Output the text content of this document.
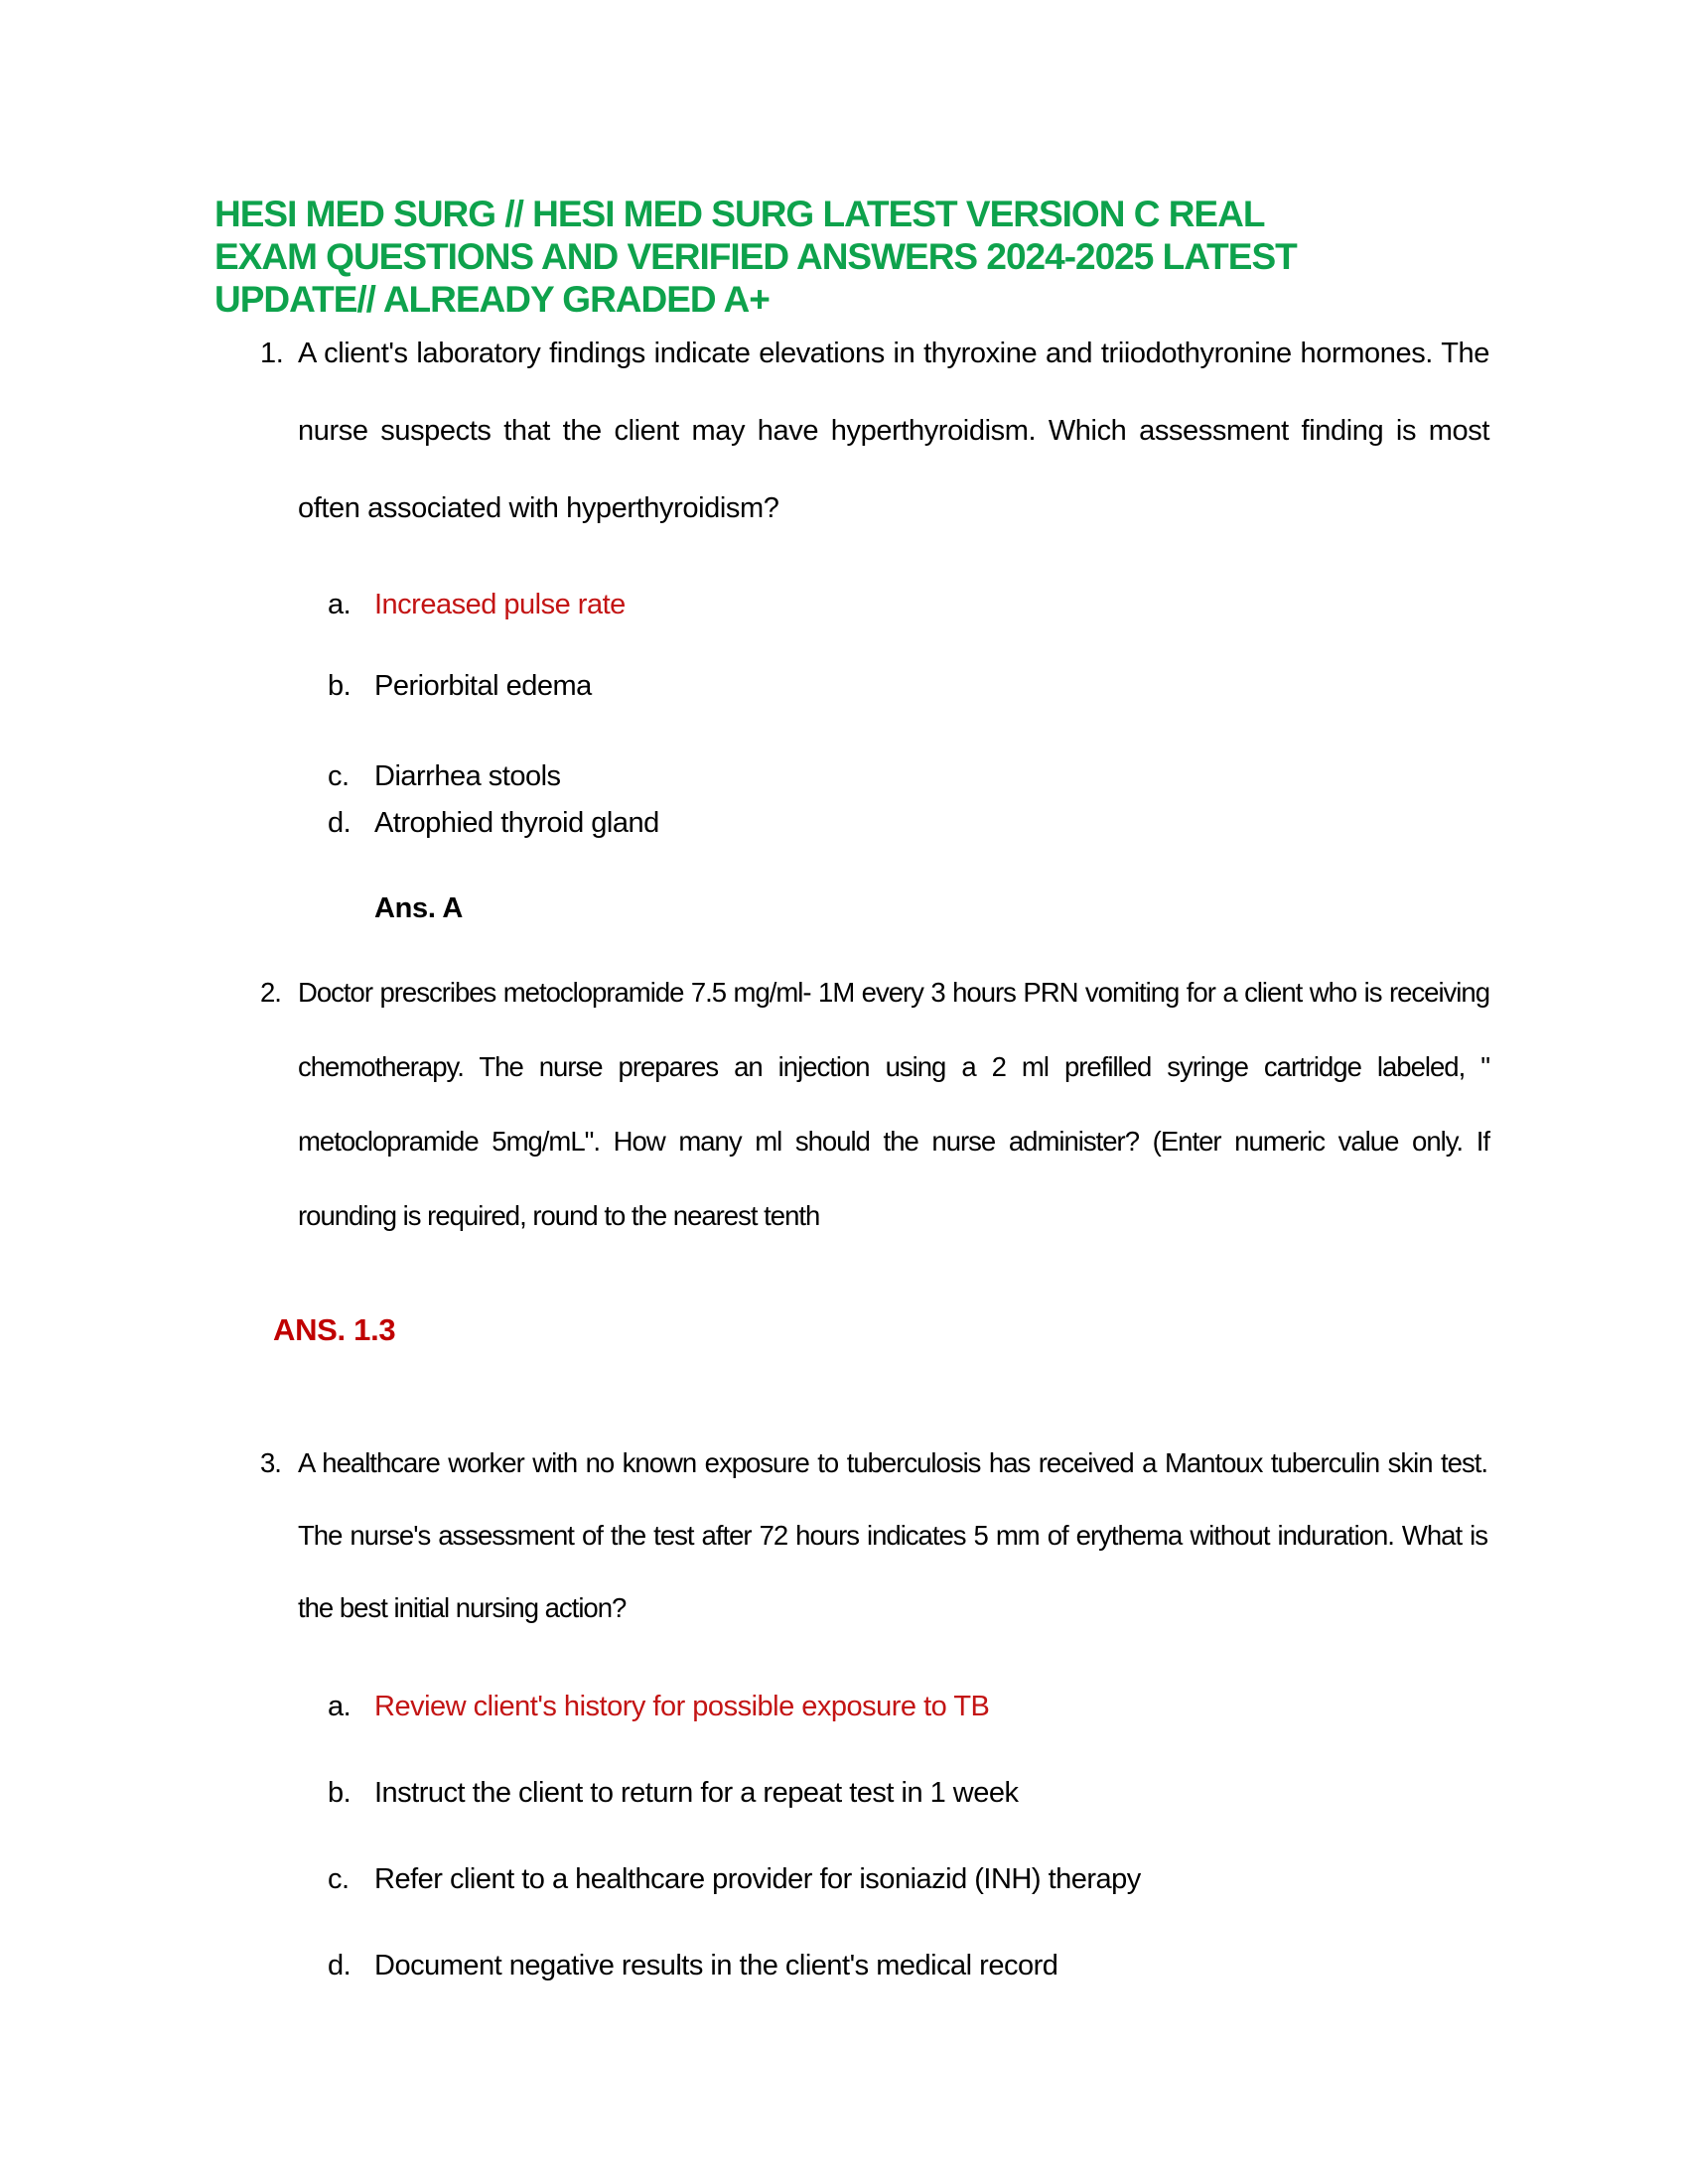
HESI MED SURG // HESI MED SURG LATEST VERSION C REAL
EXAM QUESTIONS AND VERIFIED ANSWERS 2024-2025 LATEST
UPDATE// ALREADY GRADED A+
1. A client's laboratory findings indicate elevations in thyroxine and triiodothyronine hormones. The nurse suspects that the client may have hyperthyroidism. Which assessment finding is most often associated with hyperthyroidism?
a. Increased pulse rate
b. Periorbital edema
c. Diarrhea stools
d. Atrophied thyroid gland
Ans. A
2. Doctor prescribes metoclopramide 7.5 mg/ml- 1M every 3 hours PRN vomiting for a client who is receiving chemotherapy. The nurse prepares an injection using a 2 ml prefilled syringe cartridge labeled, " metoclopramide 5mg/mL". How many ml should the nurse administer? (Enter numeric value only. If rounding is required, round to the nearest tenth
ANS. 1.3
3. A healthcare worker with no known exposure to tuberculosis has received a Mantoux tuberculin skin test. The nurse's assessment of the test after 72 hours indicates 5 mm of erythema without induration. What is the best initial nursing action?
a. Review client's history for possible exposure to TB
b. Instruct the client to return for a repeat test in 1 week
c. Refer client to a healthcare provider for isoniazid (INH) therapy
d. Document negative results in the client's medical record
